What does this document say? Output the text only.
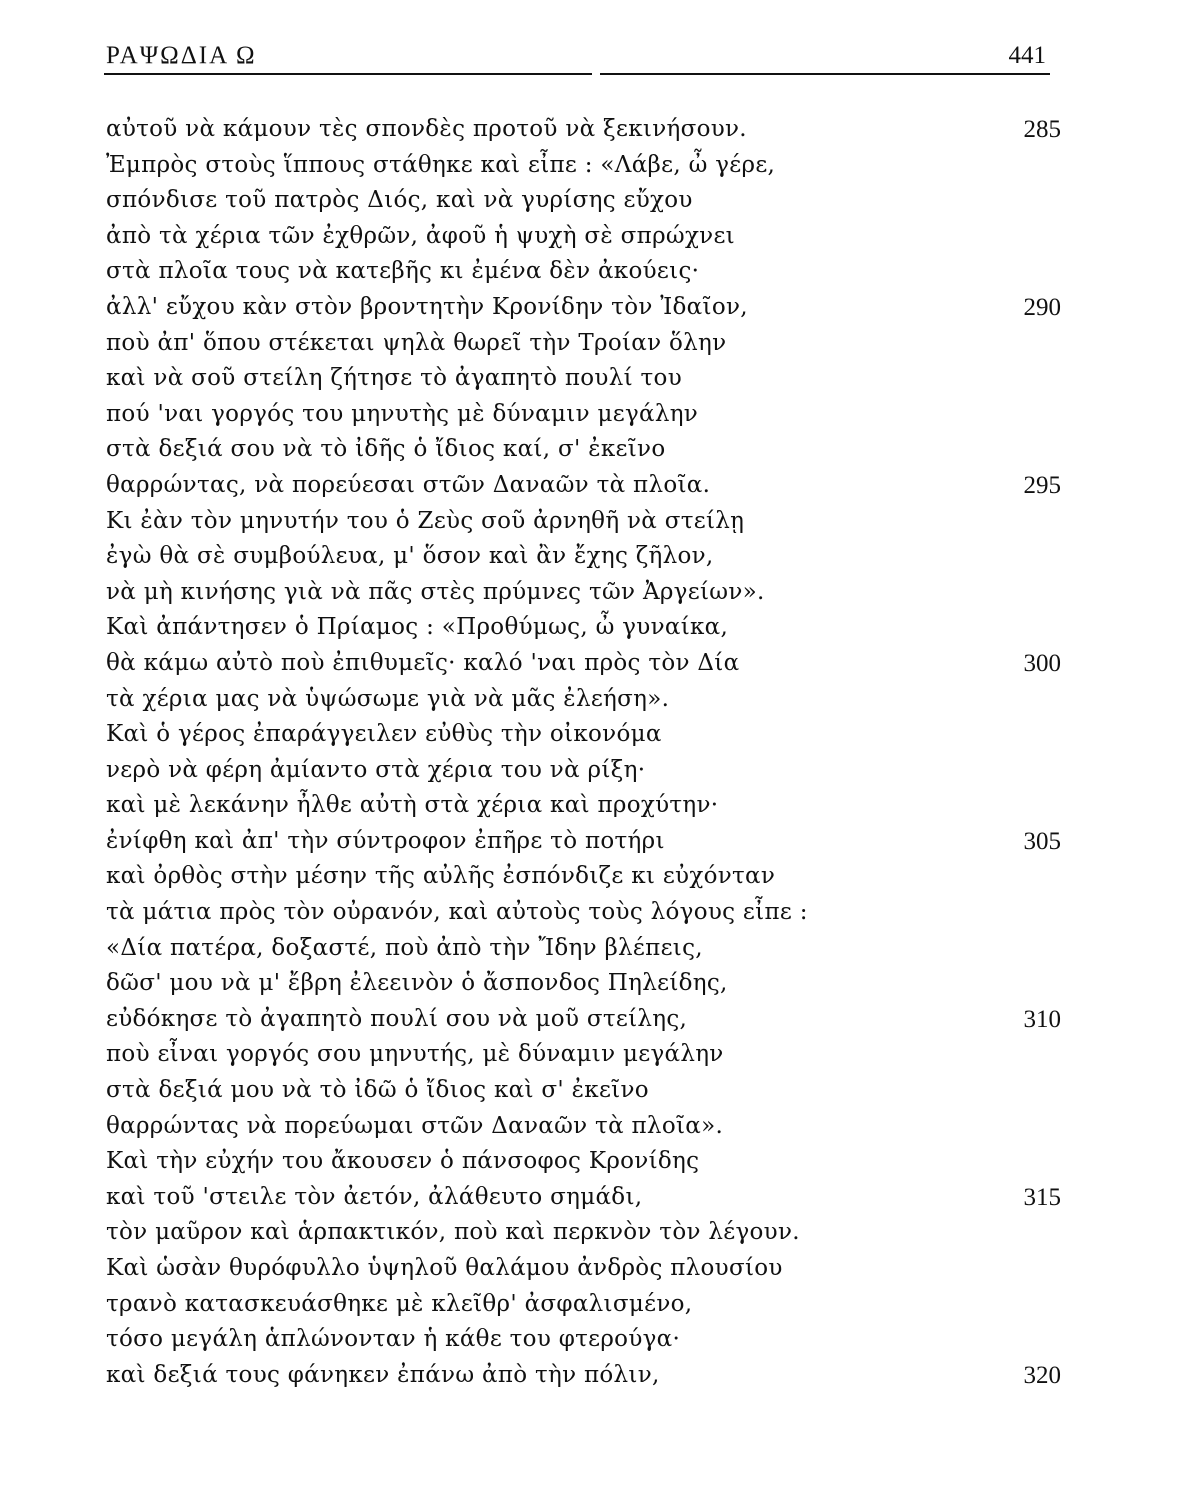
ΡΑΨΩΔΙΑ Ω	441
αὐτοῦ νὰ κάμουν τὲς σπονδὲς προτοῦ νὰ ξεκινήσουν.	285
Ἐμπρὸς στοὺς ἵππους στάθηκε καὶ εἶπε : «Λάβε, ὦ γέρε,
σπόνδισε τοῦ πατρὸς Διός, καὶ νὰ γυρίσης εὔχου
ἀπὸ τὰ χέρια τῶν ἐχθρῶν, ἀφοῦ ἡ ψυχὴ σὲ σπρώχνει
στὰ πλοῖα τους νὰ κατεβῆς κι ἐμένα δὲν ἀκούεις·
ἀλλ' εὔχου κὰν στὸν βροντητὴν Κρονίδην τὸν Ἰδαῖον,	290
ποὺ ἀπ' ὅπου στέκεται ψηλὰ θωρεῖ τὴν Τροίαν ὅλην
καὶ νὰ σοῦ στείλη ζήτησε τὸ ἀγαπητὸ πουλί του
πού 'ναι γοργός του μηνυτὴς μὲ δύναμιν μεγάλην
στὰ δεξιά σου νὰ τὸ ἰδῆς ὁ ἴδιος καί, σ' ἐκεῖνο
θαρρώντας, νὰ πορεύεσαι στῶν Δαναῶν τὰ πλοῖα.	295
Κι ἐὰν τὸν μηνυτήν του ὁ Ζεὺς σοῦ ἀρνηθῆ νὰ στείλῃ
ἐγὼ θὰ σὲ συμβούλευα, μ' ὅσον καὶ ἂν ἔχης ζῆλον,
νὰ μὴ κινήσης γιὰ νὰ πᾶς στὲς πρύμνες τῶν Ἀργείων».
Καὶ ἀπάντησεν ὁ Πρίαμος : «Προθύμως, ὦ γυναίκα,
θὰ κάμω αὐτὸ ποὺ ἐπιθυμεῖς· καλό 'ναι πρὸς τὸν Δία	300
τὰ χέρια μας νὰ ὑψώσωμε γιὰ νὰ μᾶς ἐλεήση».
Καὶ ὁ γέρος ἐπαράγγειλεν εὐθὺς τὴν οἰκονόμα
νερὸ νὰ φέρη ἀμίαντο στὰ χέρια του νὰ ρίξη·
καὶ μὲ λεκάνην ἦλθε αὐτὴ στὰ χέρια καὶ προχύτην·
ἐνίφθη καὶ ἀπ' τὴν σύντροφον ἐπῆρε τὸ ποτήρι	305
καὶ ὀρθὸς στὴν μέσην τῆς αὐλῆς ἐσπόνδιζε κι εὐχόνταν
τὰ μάτια πρὸς τὸν οὐρανόν, καὶ αὐτοὺς τοὺς λόγους εἶπε :
«Δία πατέρα, δοξαστέ, ποὺ ἀπὸ τὴν Ἴδην βλέπεις,
δῶσ' μου νὰ μ' ἔβρη ἐλεεινὸν ὁ ἄσπονδος Πηλείδης,
εὐδόκησε τὸ ἀγαπητὸ πουλί σου νὰ μοῦ στείλης,	310
ποὺ εἶναι γοργός σου μηνυτής, μὲ δύναμιν μεγάλην
στὰ δεξιά μου νὰ τὸ ἰδῶ ὁ ἴδιος καὶ σ' ἐκεῖνο
θαρρώντας νὰ πορεύωμαι στῶν Δαναῶν τὰ πλοῖα».
Καὶ τὴν εὐχήν του ἄκουσεν ὁ πάνσοφος Κρονίδης
καὶ τοῦ 'στειλε τὸν ἀετόν, ἀλάθευτο σημάδι,	315
τὸν μαῦρον καὶ ἁρπακτικόν, ποὺ καὶ περκνὸν τὸν λέγουν.
Καὶ ὡσὰν θυρόφυλλο ὑψηλοῦ θαλάμου ἀνδρὸς πλουσίου
τρανὸ κατασκευάσθηκε μὲ κλεῖθρ' ἀσφαλισμένο,
τόσο μεγάλη ἁπλώνονταν ἡ κάθε του φτερούγα·
καὶ δεξιά τους φάνηκεν ἐπάνω ἀπὸ τὴν πόλιν,	320
